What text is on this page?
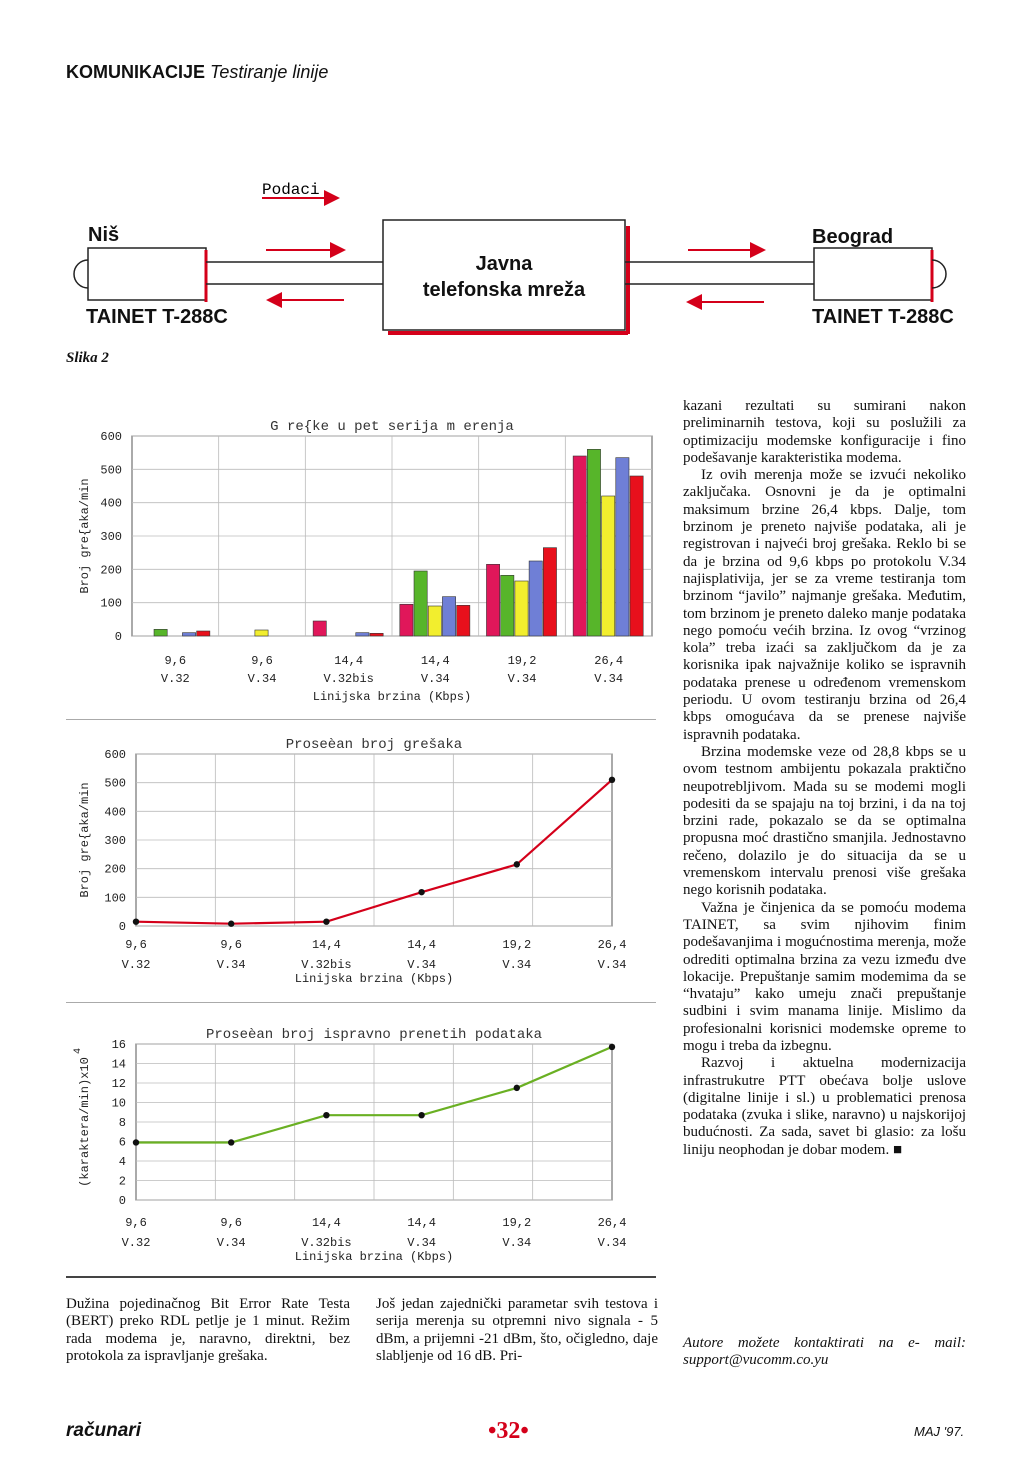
KOMUNIKACIJE Testiranje linije
Podaci
Niš	Beograd
TAINET T-288C	TAINET T-288C
Javna
telefonska mreža
Slika 2
0
100
200
300
400
500
600
9,6
V.32
9,6
V.34
14,4
V.32bis
14,4
V.34
19,2
V.34
26,4
V.34
G re{ke u pet serija m erenja
Linijska brzina (Kbps)
Broj gre{aka/min
0
100
200
300
400
500
600
9,6
V.32
9,6
V.34
14,4
V.32bis
14,4
V.34
19,2
V.34
26,4
V.34
Proseèan broj grešaka
Linijska brzina (Kbps)
Broj gre{aka/min
0
2
4
6
8
10
12
14
16
9,6
V.32
9,6
V.34
14,4
V.32bis
14,4
V.34
19,2
V.34
26,4
V.34
Proseèan broj ispravno prenetih podataka
Linijska brzina (Kbps)
(karaktera/min)x10
4

kazani rezultati su sumirani nakon preliminarnih testova, koji su poslužili za optimizaciju modemske konfiguracije i fino podešavanje karakteristika modema.

Iz ovih merenja može se izvući nekoliko zaključaka. Osnovni je da je optimalni maksimum brzine 26,4 kbps. Dalje, tom brzinom je preneto najviše podataka, ali je registrovan i najveći broj grešaka. Reklo bi se da je brzina od 9,6 kbps po protokolu V.34 najisplativija, jer se za vreme testiranja tom brzinom “javilo” najmanje grešaka. Međutim, tom brzinom je preneto daleko manje podataka nego pomoću većih brzina. Iz ovog “vrzinog kola” treba izaći sa zaključkom da je za korisnika ipak najvažnije koliko se ispravnih podataka prenese u određenom vremenskom periodu. U ovom testiranju brzina od 26,4 kbps omogućava da se prenese najviše ispravnih podataka.

Brzina modemske veze od 28,8 kbps se u ovom testnom ambijentu pokazala praktično neupotrebljivom. Mada su se modemi mogli podesiti da se spajaju na toj brzini, i da na toj brzini rade, pokazalo se da se optimalna propusna moć drastično smanjila. Jednostavno rečeno, dolazilo je do situacija da se u vremenskom intervalu prenosi više grešaka nego korisnih podataka.

Važna je činjenica da se pomoću modema TAINET, sa svim njihovim finim podešavanjima i mogućnostima merenja, može odrediti optimalna brzina za vezu između dve lokacije. Prepuštanje samim modemima da se “hvataju” kako umeju znači prepuštanje sudbini i svim manama linije. Mislimo da profesionalni korisnici modemske opreme to mogu i treba da izbegnu.

Razvoj i aktuelna modernizacija infrastrukutre PTT obećava bolje uslove (digitalne linije i sl.) u problematici prenosa podataka (zvuka i slike, naravno) u najskorijoj budućnosti. Za sada, savet bi glasio: za lošu liniju neophodan je dobar modem. ■

Autore možete kontaktirati na e- mail: support@vucomm.co.yu
Dužina pojedinačnog Bit Error Rate Testa (BERT) preko RDL petlje je 1 minut. Režim rada modema je, naravno, direktni, bez protokola za ispravljanje grešaka.
Još jedan zajednički parametar svih testova i serija merenja su otpremni nivo signala - 5 dBm, a prijemni -21 dBm, što, očigledno, daje slabljenje od 16 dB. Pri-
računari	•32•	MAJ '97.
